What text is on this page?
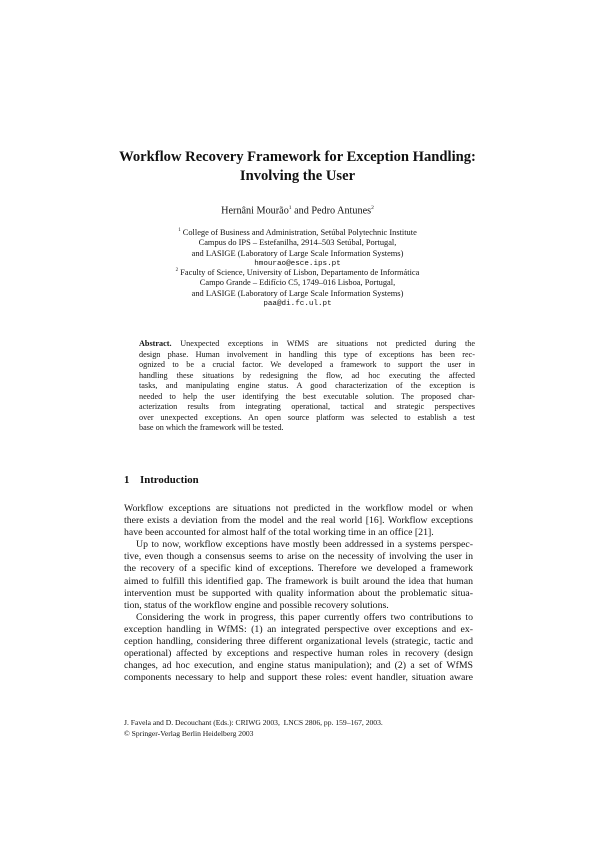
Workflow Recovery Framework for Exception Handling:
Involving the User
Hernâni Mourão$^1$ and Pedro Antunes$^2$
$^1$ College of Business and Administration, Setúbal Polytechnic Institute
Campus do IPS – Estefanilha, 2914–503 Setúbal, Portugal,
and LASIGE (Laboratory of Large Scale Information Systems)
hmourao@esce.ips.pt
$^2$ Faculty of Science, University of Lisbon, Departamento de Informática
Campo Grande – Edifício C5, 1749–016 Lisboa, Portugal,
and LASIGE (Laboratory of Large Scale Information Systems)
paa@di.fc.ul.pt
Abstract. Unexpected exceptions in WfMS are situations not predicted during the
design phase. Human involvement in handling this type of exceptions has been rec-
ognized to be a crucial factor. We developed a framework to support the user in
handling these situations by redesigning the flow, ad hoc executing the affected
tasks, and manipulating engine status. A good characterization of the exception is
needed to help the user identifying the best executable solution. The proposed char-
acterization results from integrating operational, tactical and strategic perspectives
over unexpected exceptions. An open source platform was selected to establish a test
base on which the framework will be tested.
1 Introduction
Workflow exceptions are situations not predicted in the workflow model or when
there exists a deviation from the model and the real world [16]. Workflow exceptions
have been accounted for almost half of the total working time in an office [21].
Up to now, workflow exceptions have mostly been addressed in a systems perspec-
tive, even though a consensus seems to arise on the necessity of involving the user in
the recovery of a specific kind of exceptions. Therefore we developed a framework
aimed to fulfill this identified gap. The framework is built around the idea that human
intervention must be supported with quality information about the problematic situa-
tion, status of the workflow engine and possible recovery solutions.
Considering the work in progress, this paper currently offers two contributions to
exception handling in WfMS: (1) an integrated perspective over exceptions and ex-
ception handling, considering three different organizational levels (strategic, tactic and
operational) affected by exceptions and respective human roles in recovery (design
changes, ad hoc execution, and engine status manipulation); and (2) a set of WfMS
components necessary to help and support these roles: event handler, situation aware
J. Favela and D. Decouchant (Eds.): CRIWG 2003,  LNCS 2806, pp. 159–167, 2003.
© Springer-Verlag Berlin Heidelberg 2003
